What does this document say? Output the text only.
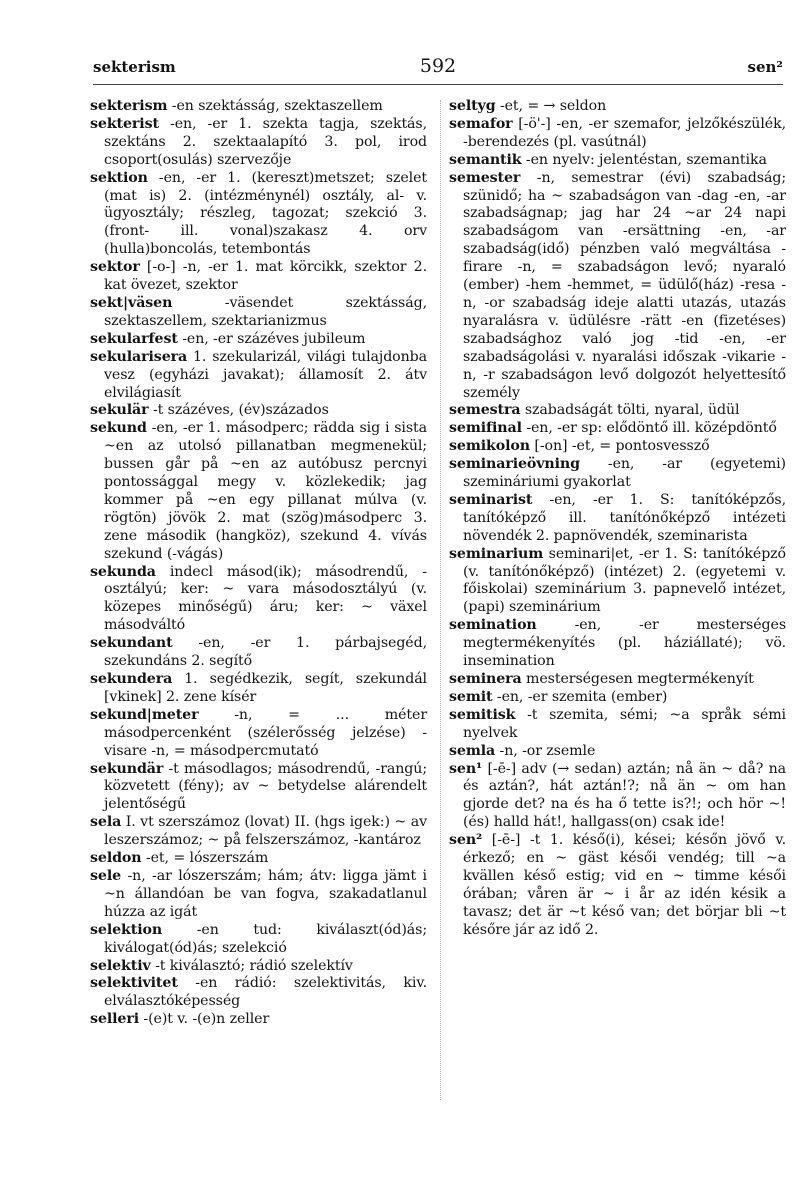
sekterism	592	sen²

sekterism -en szektásság, szektaszellem

sekterist -en, -er 1. szekta tagja, szektás, szektáns 2. szektaalapító 3. pol, irod csoport(osulás) szervezője

sektion -en, -er 1. (kereszt)metszet; szelet (mat is) 2. (intézménynél) osztály, al- v. ügyosztály; részleg, tagozat; szekció 3. (front- ill. vonal)szakasz 4. orv (hulla)boncolás, tetembontás

sektor [-o-] -n, -er 1. mat körcikk, szektor 2. kat övezet, szektor

sekt|väsen -väsendet szektásság, szektaszellem, szektarianizmus

sekularfest -en, -er százéves jubileum

sekularisera 1. szekularizál, világi tulajdonba vesz (egyházi javakat); államosít 2. átv elvilágiasít

sekulär -t százéves, (év)százados

sekund -en, -er 1. másodperc; rädda sig i sista ~en az utolsó pillanatban megmenekül; bussen går på ~en az autóbusz percnyi pontossággal megy v. közlekedik; jag kommer på ~en egy pillanat múlva (v. rögtön) jövök 2. mat (szög)másodperc 3. zene második (hangköz), szekund 4. vívás szekund (-vágás)

sekunda indecl másod(ik); másodrendű, -osztályú; ker: ~ vara másodosztályú (v. közepes minőségű) áru; ker: ~ växel másodváltó

sekundant -en, -er 1. párbajsegéd, szekundáns 2. segítő

sekundera 1. segédkezik, segít, szekundál [vkinek] 2. zene kísér

sekund|meter -n, = ... méter másodpercenként (szélerősség jelzése) -visare -n, = másodpercmutató

sekundär -t másodlagos; másodrendű, -rangú; közvetett (fény); av ~ betydelse alárendelt jelentőségű

sela I. vt szerszámoz (lovat) II. (hgs igek:) ~ av leszerszámoz; ~ på felszerszámoz, -kantároz

seldon -et, = lószerszám

sele -n, -ar lószerszám; hám; átv: ligga jämt i ~n állandóan be van fogva, szakadatlanul húzza az igát

selektion -en tud: kiválaszt(ód)ás; kiválogat(ód)ás; szelekció

selektiv -t kiválasztó; rádió szelektív

selektivitet -en rádió: szelektivitás, kiv. elválasztóképesség

selleri -(e)t v. -(e)n zeller

seltyg -et, = → seldon

semafor [-ö'-] -en, -er szemafor, jelzőkészülék, -berendezés (pl. vasútnál)

semantik -en nyelv: jelentéstan, szemantika

semester -n, semestrar (évi) szabadság; szünidő; ha ~ szabadságon van -dag -en, -ar szabadságnap; jag har 24 ~ar 24 napi szabadságom van -ersättning -en, -ar szabadság(idő) pénzben való megváltása -firare -n, = szabadságon levő; nyaraló (ember) -hem -hemmet, = üdülő(ház) -resa -n, -or szabadság ideje alatti utazás, utazás nyaralásra v. üdülésre -rätt -en (fizetéses) szabadsághoz való jog -tid -en, -er szabadságolási v. nyaralási időszak -vikarie -n, -r szabadságon levő dolgozót helyettesítő személy

semestra szabadságát tölti, nyaral, üdül

semifinal -en, -er sp: elődöntő ill. középdöntő

semikolon [-on] -et, = pontosvessző

seminarieövning -en, -ar (egyetemi) szemináriumi gyakorlat

seminarist -en, -er 1. S: tanítóképzős, tanítóképző ill. tanítónőképző intézeti növendék 2. papnövendék, szeminarista

seminarium seminari|et, -er 1. S: tanítóképző (v. tanítónőképző) (intézet) 2. (egyetemi v. főiskolai) szeminárium 3. papnevelő intézet, (papi) szeminárium

semination -en, -er mesterséges megtermékenyítés (pl. háziállaté); vö. insemination

seminera mesterségesen megtermékenyít

semit -en, -er szemita (ember)

semitisk -t szemita, sémi; ~a språk sémi nyelvek

semla -n, -or zsemle

sen¹ [-ē-] adv (→ sedan) aztán; nå än ~ då? na és aztán?, hát aztán!?; nå än ~ om han gjorde det? na és ha ő tette is?!; och hör ~! (és) halld hát!, hallgass(on) csak ide!

sen² [-ē-] -t 1. késő(i), kései; későn jövő v. érkező; en ~ gäst késői vendég; till ~a kvällen késő estig; vid en ~ timme késői órában; våren är ~ i år az idén késik a tavasz; det är ~t késő van; det börjar bli ~t későre jár az idő 2.
